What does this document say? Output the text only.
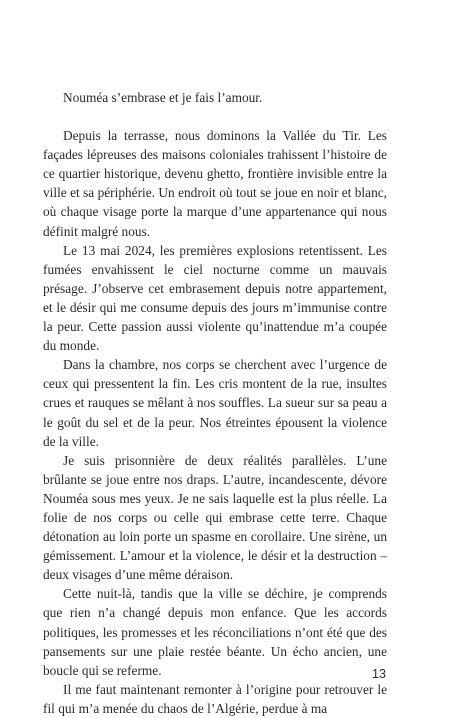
Nouméa s’embrase et je fais l’amour.

Depuis la terrasse, nous dominons la Vallée du Tir. Les façades lépreuses des maisons coloniales trahissent l’histoire de ce quartier historique, devenu ghetto, frontière invisible entre la ville et sa périphérie. Un endroit où tout se joue en noir et blanc, où chaque visage porte la marque d’une appartenance qui nous définit malgré nous.

Le 13 mai 2024, les premières explosions retentissent. Les fumées envahissent le ciel nocturne comme un mauvais présage. J’observe cet embrasement depuis notre appartement, et le désir qui me consume depuis des jours m’immunise contre la peur. Cette passion aussi violente qu’inattendue m’a coupée du monde.

Dans la chambre, nos corps se cherchent avec l’urgence de ceux qui pressentent la fin. Les cris montent de la rue, insultes crues et rauques se mêlant à nos souffles. La sueur sur sa peau a le goût du sel et de la peur. Nos étreintes épousent la violence de la ville.

Je suis prisonnière de deux réalités parallèles. L’une brûlante se joue entre nos draps. L’autre, incandescente, dévore Nouméa sous mes yeux. Je ne sais laquelle est la plus réelle. La folie de nos corps ou celle qui embrase cette terre. Chaque détonation au loin porte un spasme en corollaire. Une sirène, un gémissement. L’amour et la violence, le désir et la destruction – deux visages d’une même déraison.

Cette nuit-là, tandis que la ville se déchire, je comprends que rien n’a changé depuis mon enfance. Que les accords politiques, les promesses et les réconciliations n’ont été que des pansements sur une plaie restée béante. Un écho ancien, une boucle qui se referme.

Il me faut maintenant remonter à l’origine pour retrouver le fil qui m’a menée du chaos de l’Algérie, perdue à ma

13
